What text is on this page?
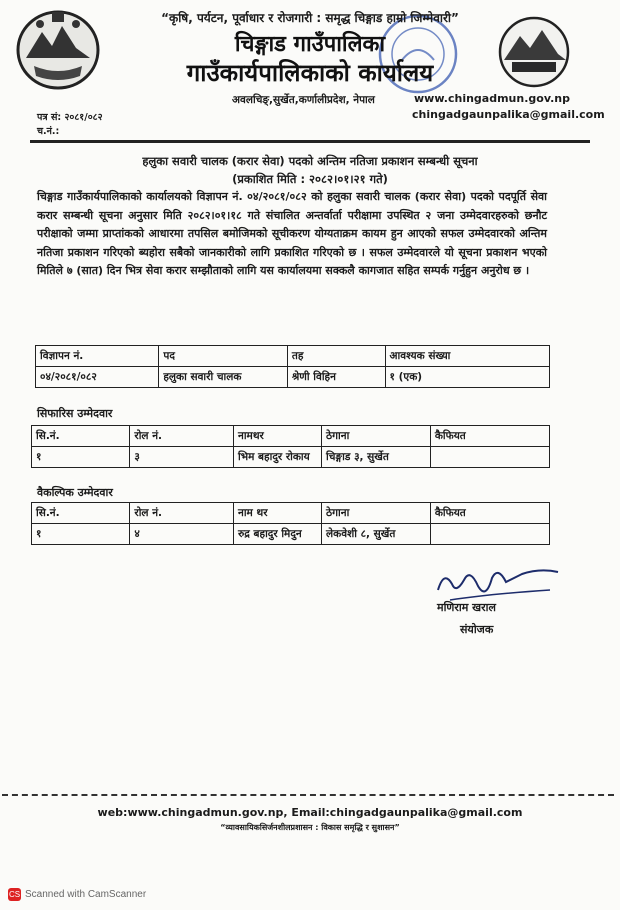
“कृषि, पर्यटन, पूर्वाधार र रोजगारी : समृद्ध चिङ्गाड हाम्रो जिम्मेवारी”
चिङ्गाड गाउँपालिका
गाउँकार्यपालिकाको कार्यालय
अवलचिङ्,सुर्खेत,कर्णालीप्रदेश, नेपाल	www.chingadmun.gov.np
chingadgaunpalika@gmail.com
पत्र सं: २०८१/०८२
च.नं.:
हलुका सवारी चालक (करार सेवा) पदको अन्तिम नतिजा प्रकाशन सम्बन्धी सूचना
(प्रकाशित मिति : २०८२।०१।२१ गते)
चिङ्गाड गाउँकार्यपालिकाको कार्यालयको विज्ञापन नं. ०४/२०८१/०८२ को हलुका सवारी चालक (करार सेवा) पदको पदपूर्ति सेवा करार सम्बन्धी सूचना अनुसार मिति २०८२।०१।१८ गते संचालित अन्तर्वार्ता परीक्षामा उपस्थित २ जना उम्मेदवारहरुको छनौट परीक्षाको जम्मा प्राप्तांकको आधारमा तपसिल बमोजिमको सूचीकरण योग्यताक्रम कायम हुन आएको सफल उम्मेदवारको अन्तिम नतिजा प्रकाशन गरिएको ब्यहोरा सबैको जानकारीको लागि प्रकाशित गरिएको छ । सफल उम्मेदवारले यो सूचना प्रकाशन भएको मितिले ७ (सात) दिन भित्र सेवा करार सम्झौताको लागि यस कार्यालयमा सक्कलै कागजात सहित सम्पर्क गर्नुहुन अनुरोध छ ।
विज्ञापन नं.	पद	तह	आवश्यक संख्या
०४/२०८१/०८२	हलुका सवारी चालक	श्रेणी विहिन	१ (एक)
सिफारिस उम्मेदवार
सि.नं.	रोल नं.	नामथर	ठेगाना	कैफियत
१	३	भिम बहादुर रोकाय	चिङ्गाड ३, सुर्खेत	
वैकल्पिक उम्मेदवार
सि.नं.	रोल नं.	नाम थर	ठेगाना	कैफियत
१	४	रुद्र बहादुर मिदुन	लेकवेशी ८, सुर्खेत	
मणिराम खराल
संयोजक
web:www.chingadmun.gov.np, Email:chingadgaunpalika@gmail.com
“व्यावसायिकसिर्जनशीलप्रशासन : विकास समृद्धि र सुशासन”
CS Scanned with CamScanner
